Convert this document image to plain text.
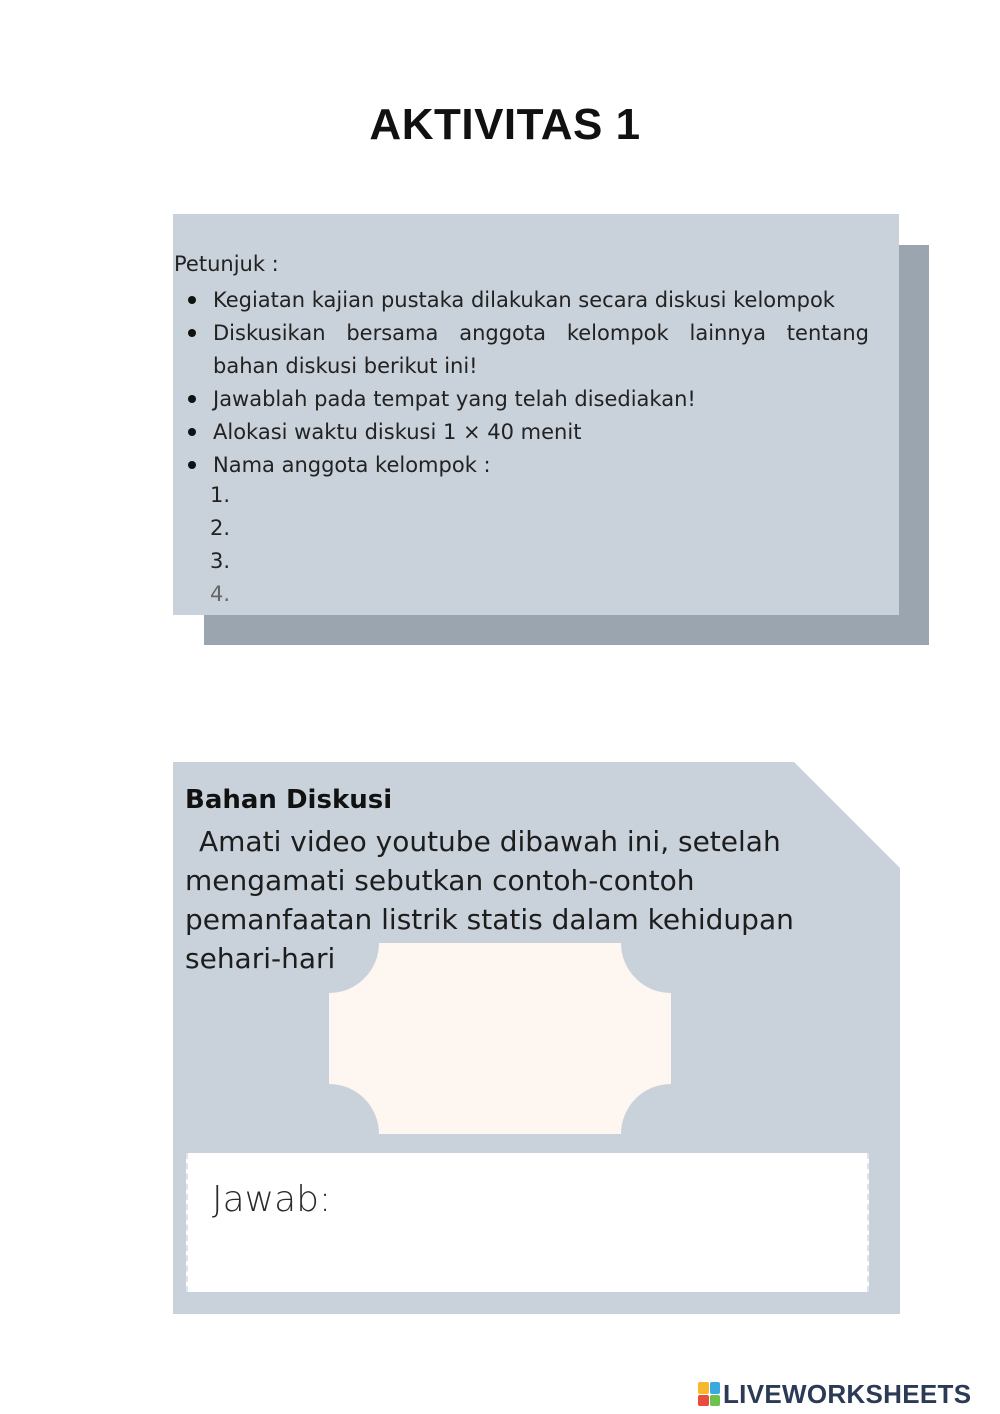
AKTIVITAS 1
Petunjuk :
Kegiatan kajian pustaka dilakukan secara diskusi kelompok
Diskusikan bersama anggota kelompok lainnya tentang bahan diskusi berikut ini!
Jawablah pada tempat yang telah disediakan!
Alokasi waktu diskusi 1 × 40 menit
Nama anggota kelompok :
1.
2.
3.
4.
Bahan Diskusi
Amati video youtube dibawah ini, setelah mengamati sebutkan contoh-contoh pemanfaatan listrik statis dalam kehidupan sehari-hari
Jawab:
LIVEWORKSHEETS
